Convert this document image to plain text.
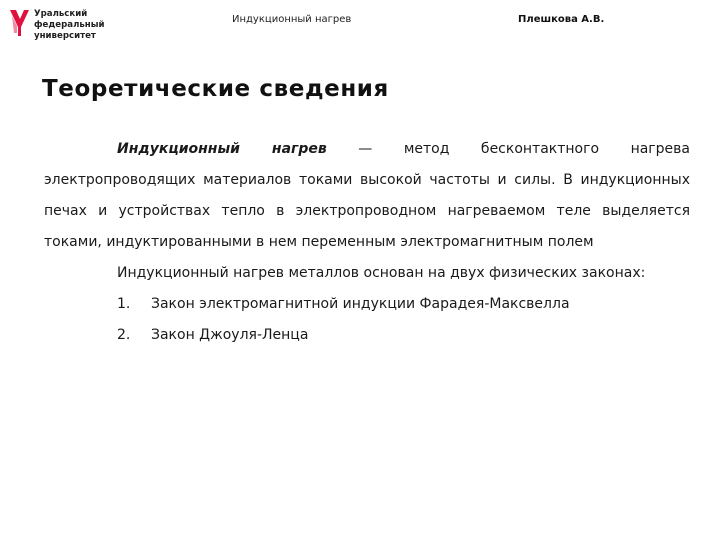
Уральский
федеральный
университет
Индукционный нагрев	Плешкова А.В.
Теоретические сведения

Индукционный нагрев — метод бесконтактного нагрева электропроводящих материалов токами высокой частоты и силы. В индукционных печах и устройствах тепло в электропроводном нагреваемом теле выделяется токами, индуктированными в нем переменным электромагнитным полем

Индукционный нагрев металлов основан на двух физических законах:

1. Закон электромагнитной индукции Фарадея-Максвелла
2. Закон Джоуля-Ленца
